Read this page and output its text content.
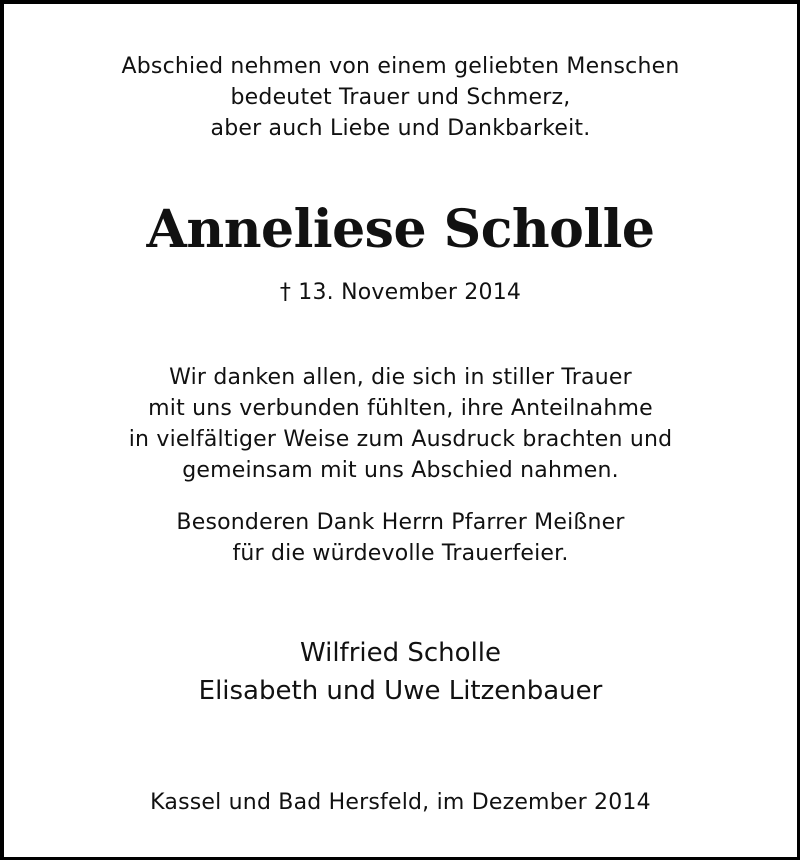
Abschied nehmen von einem geliebten Menschen
bedeutet Trauer und Schmerz,
aber auch Liebe und Dankbarkeit.
Anneliese Scholle
† 13. November 2014
Wir danken allen, die sich in stiller Trauer
mit uns verbunden fühlten, ihre Anteilnahme
in vielfältiger Weise zum Ausdruck brachten und
gemeinsam mit uns Abschied nahmen.
Besonderen Dank Herrn Pfarrer Meißner
für die würdevolle Trauerfeier.
Wilfried Scholle
Elisabeth und Uwe Litzenbauer
Kassel und Bad Hersfeld, im Dezember 2014
